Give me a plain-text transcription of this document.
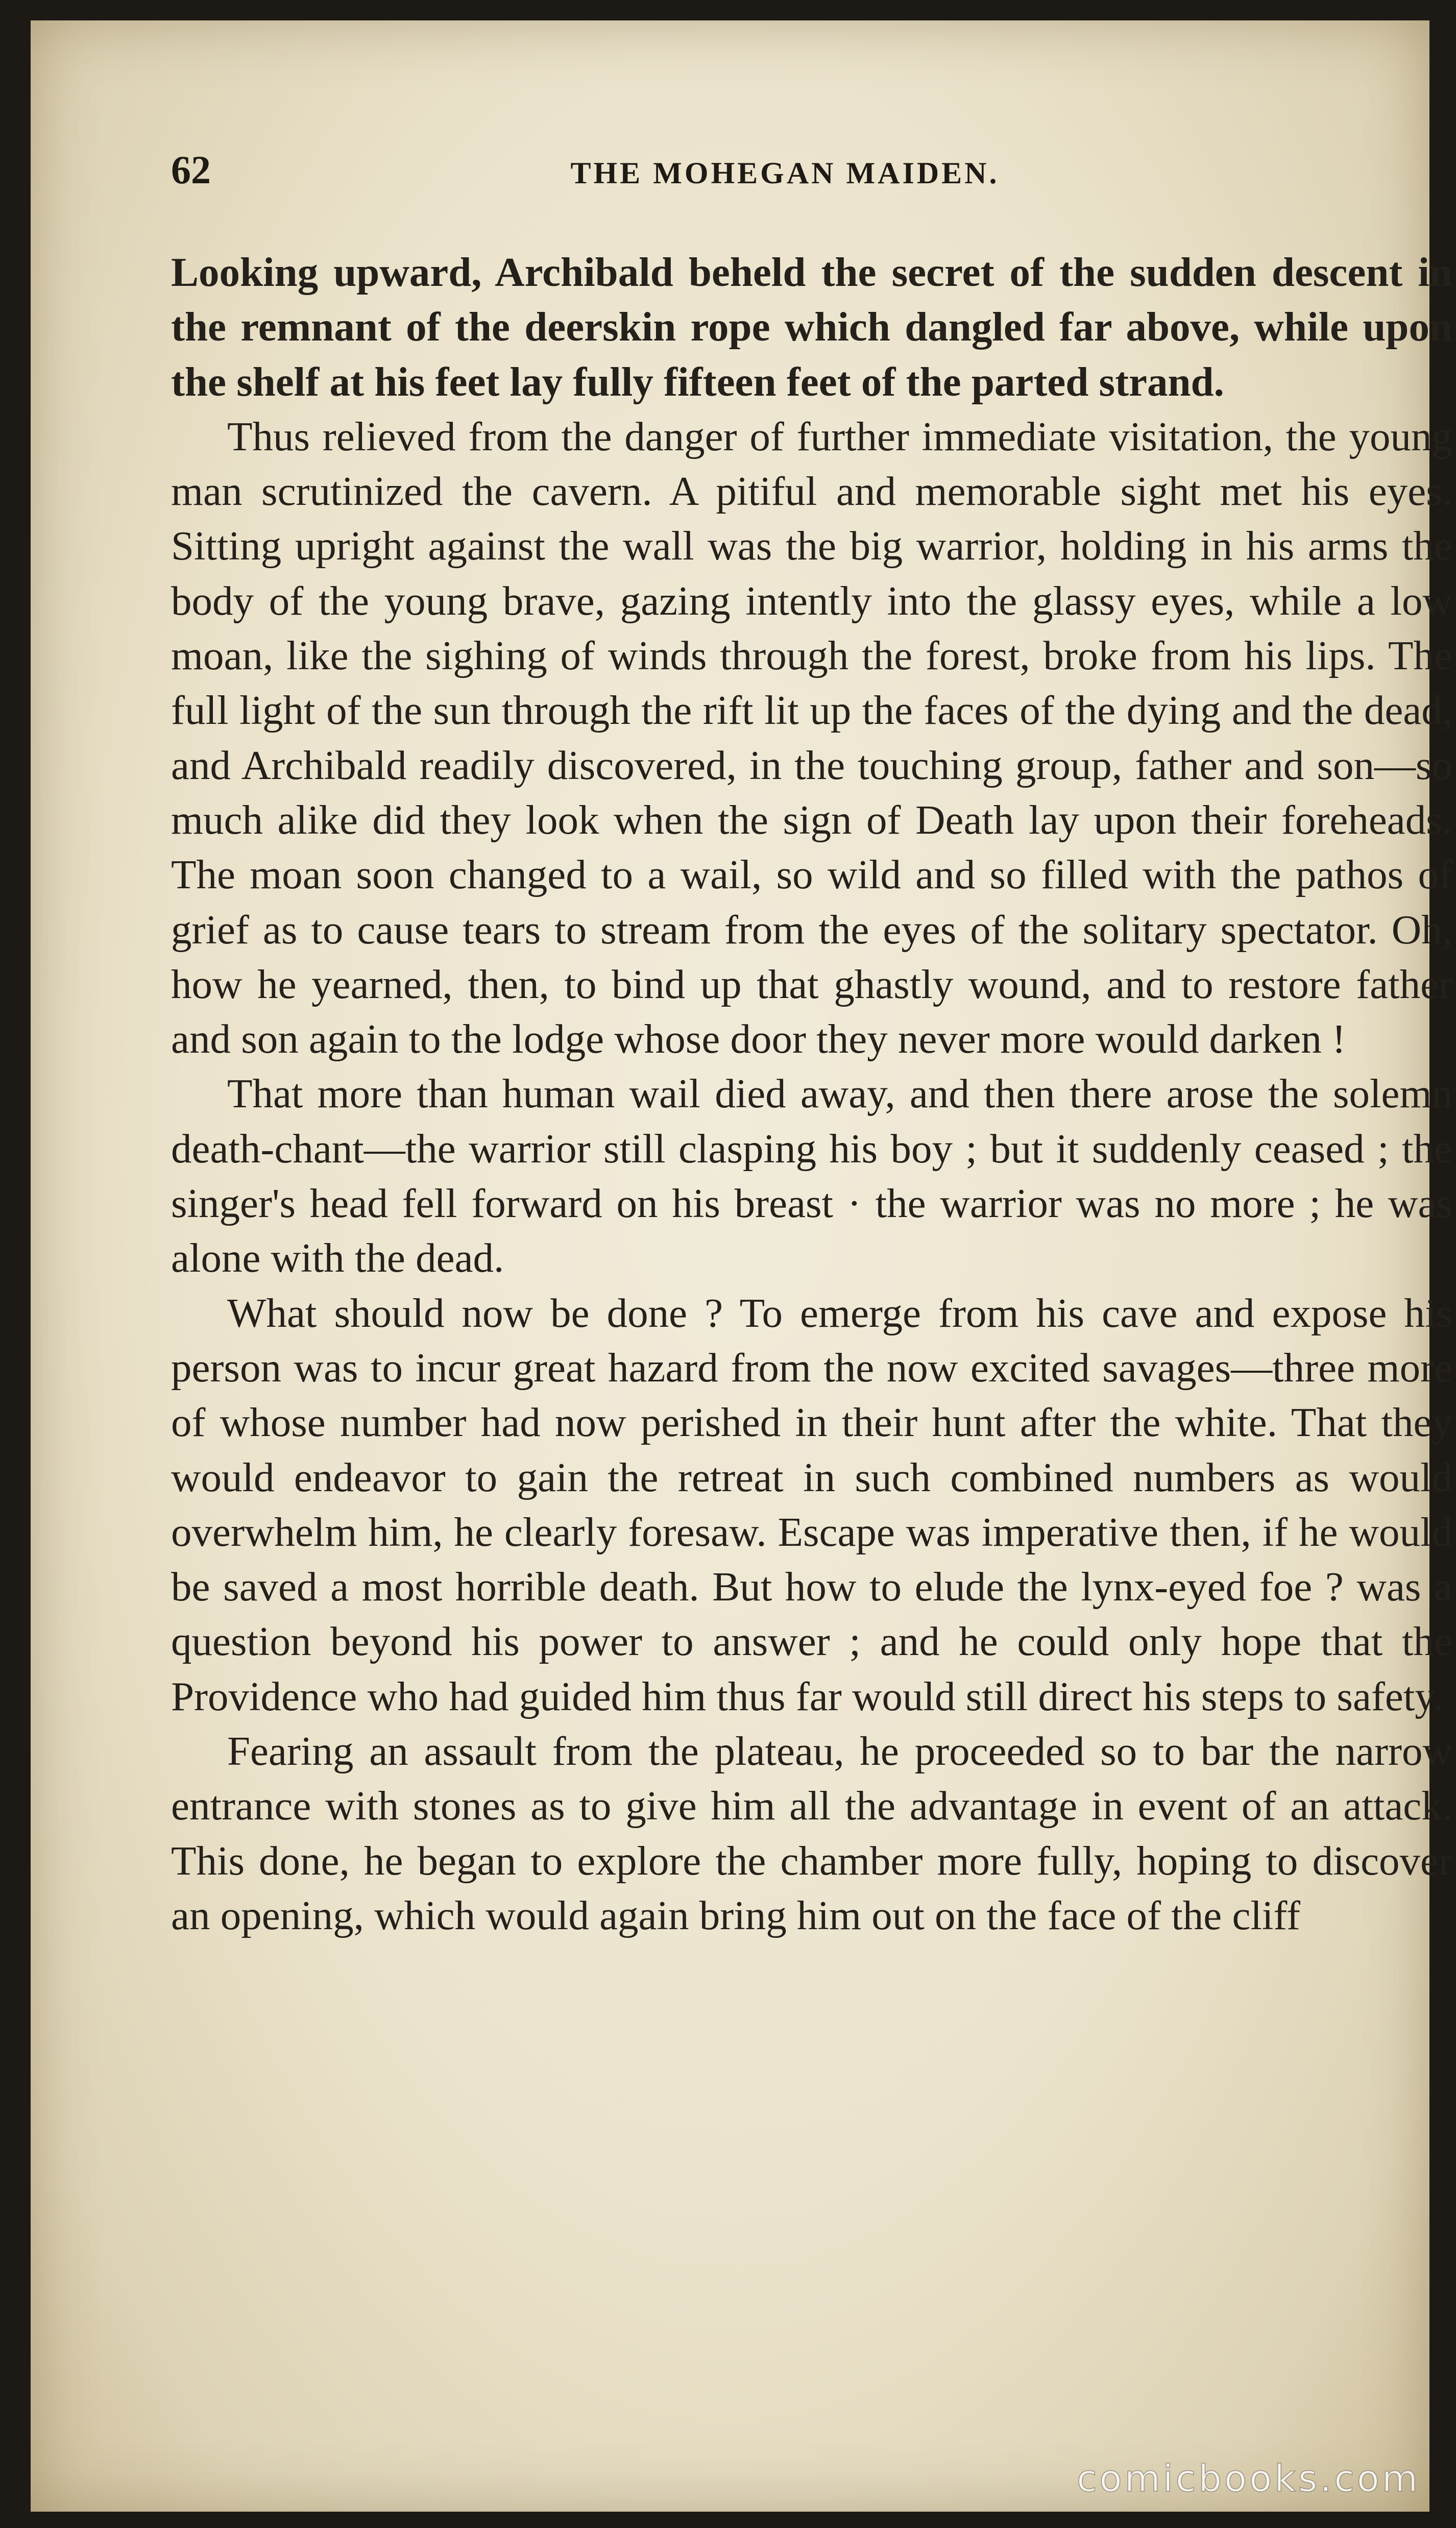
62	THE MOHEGAN MAIDEN.

Looking upward, Archibald beheld the secret of the sudden descent in the remnant of the deerskin rope which dangled far above, while upon the shelf at his feet lay fully fifteen feet of the parted strand.

Thus relieved from the danger of further immediate visitation, the young man scrutinized the cavern. A pitiful and memorable sight met his eyes. Sitting upright against the wall was the big warrior, holding in his arms the body of the young brave, gazing intently into the glassy eyes, while a low moan, like the sighing of winds through the forest, broke from his lips. The full light of the sun through the rift lit up the faces of the dying and the dead, and Archibald readily discovered, in the touching group, father and son—so much alike did they look when the sign of Death lay upon their foreheads. The moan soon changed to a wail, so wild and so filled with the pathos of grief as to cause tears to stream from the eyes of the solitary spectator. Oh, how he yearned, then, to bind up that ghastly wound, and to restore father and son again to the lodge whose door they never more would darken !

That more than human wail died away, and then there arose the solemn death-chant—the warrior still clasping his boy ; but it suddenly ceased ; the singer's head fell forward on his breast · the warrior was no more ; he was alone with the dead.

What should now be done ? To emerge from his cave and expose his person was to incur great hazard from the now excited savages—three more of whose number had now perished in their hunt after the white. That they would endeavor to gain the retreat in such combined numbers as would overwhelm him, he clearly foresaw. Escape was imperative then, if he would be saved a most horrible death. But how to elude the lynx-eyed foe ? was a question beyond his power to answer ; and he could only hope that the Providence who had guided him thus far would still direct his steps to safety.

Fearing an assault from the plateau, he proceeded so to bar the narrow entrance with stones as to give him all the advantage in event of an attack. This done, he began to explore the chamber more fully, hoping to discover an opening, which would again bring him out on the face of the cliff

comicbooks.com
